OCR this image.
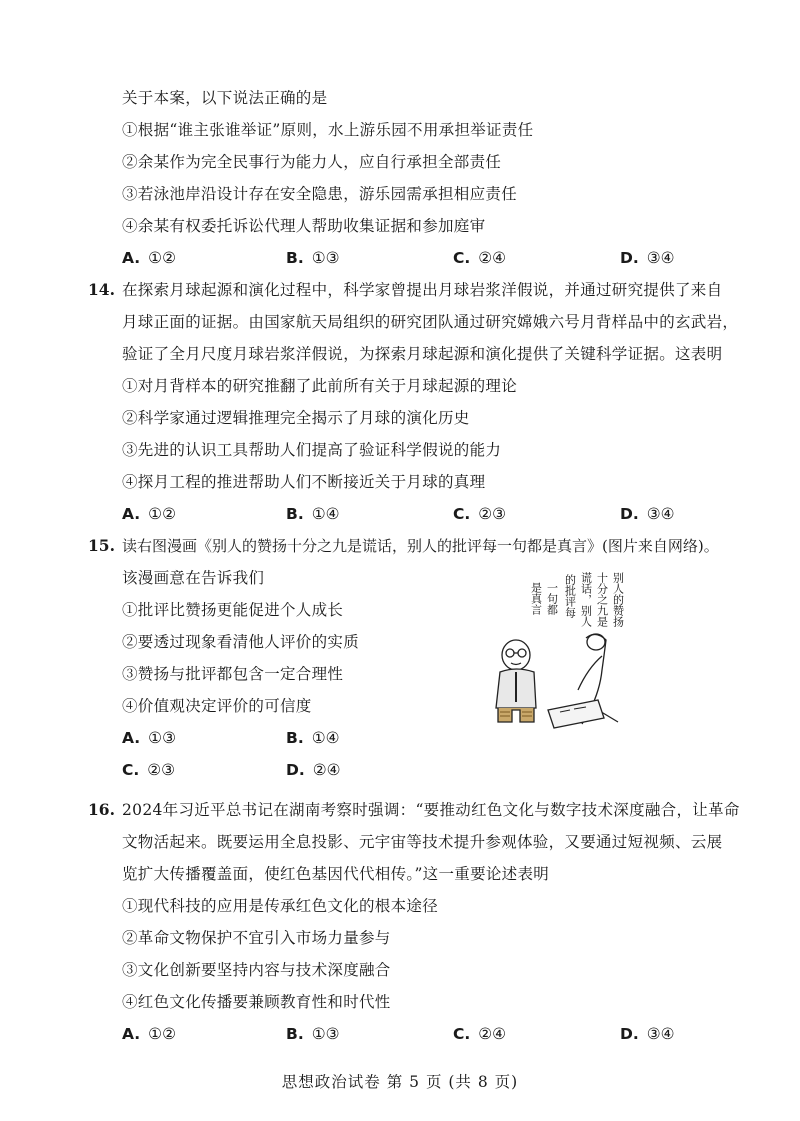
关于本案，以下说法正确的是
①根据“谁主张谁举证”原则，水上游乐园不用承担举证责任
②余某作为完全民事行为能力人，应自行承担全部责任
③若泳池岸沿设计存在安全隐患，游乐园需承担相应责任
④余某有权委托诉讼代理人帮助收集证据和参加庭审
A. ①②	B. ①③	C. ②④	D. ③④
14. 在探索月球起源和演化过程中，科学家曾提出月球岩浆洋假说，并通过研究提供了来自
月球正面的证据。由国家航天局组织的研究团队通过研究嫦娥六号月背样品中的玄武岩，
验证了全月尺度月球岩浆洋假说，为探索月球起源和演化提供了关键科学证据。这表明
①对月背样本的研究推翻了此前所有关于月球起源的理论
②科学家通过逻辑推理完全揭示了月球的演化历史
③先进的认识工具帮助人们提高了验证科学假说的能力
④探月工程的推进帮助人们不断接近关于月球的真理
A. ①②	B. ①④	C. ②③	D. ③④
15. 读右图漫画《别人的赞扬十分之九是谎话，别人的批评每一句都是真言》(图片来自网络)。
该漫画意在告诉我们
①批评比赞扬更能促进个人成长
②要透过现象看清他人评价的实质
③赞扬与批评都包含一定合理性
④价值观决定评价的可信度
A. ①③	B. ①④
C. ②③	D. ②④
别人的赞扬
十分之九是
谎话，别人
的批评每
一句都
是真言
16. 2024年习近平总书记在湖南考察时强调：“要推动红色文化与数字技术深度融合，让革命
文物活起来。既要运用全息投影、元宇宙等技术提升参观体验，又要通过短视频、云展
览扩大传播覆盖面，使红色基因代代相传。”这一重要论述表明
①现代科技的应用是传承红色文化的根本途径
②革命文物保护不宜引入市场力量参与
③文化创新要坚持内容与技术深度融合
④红色文化传播要兼顾教育性和时代性
A. ①②	B. ①③	C. ②④	D. ③④
思想政治试卷 第 5 页 (共 8 页)
